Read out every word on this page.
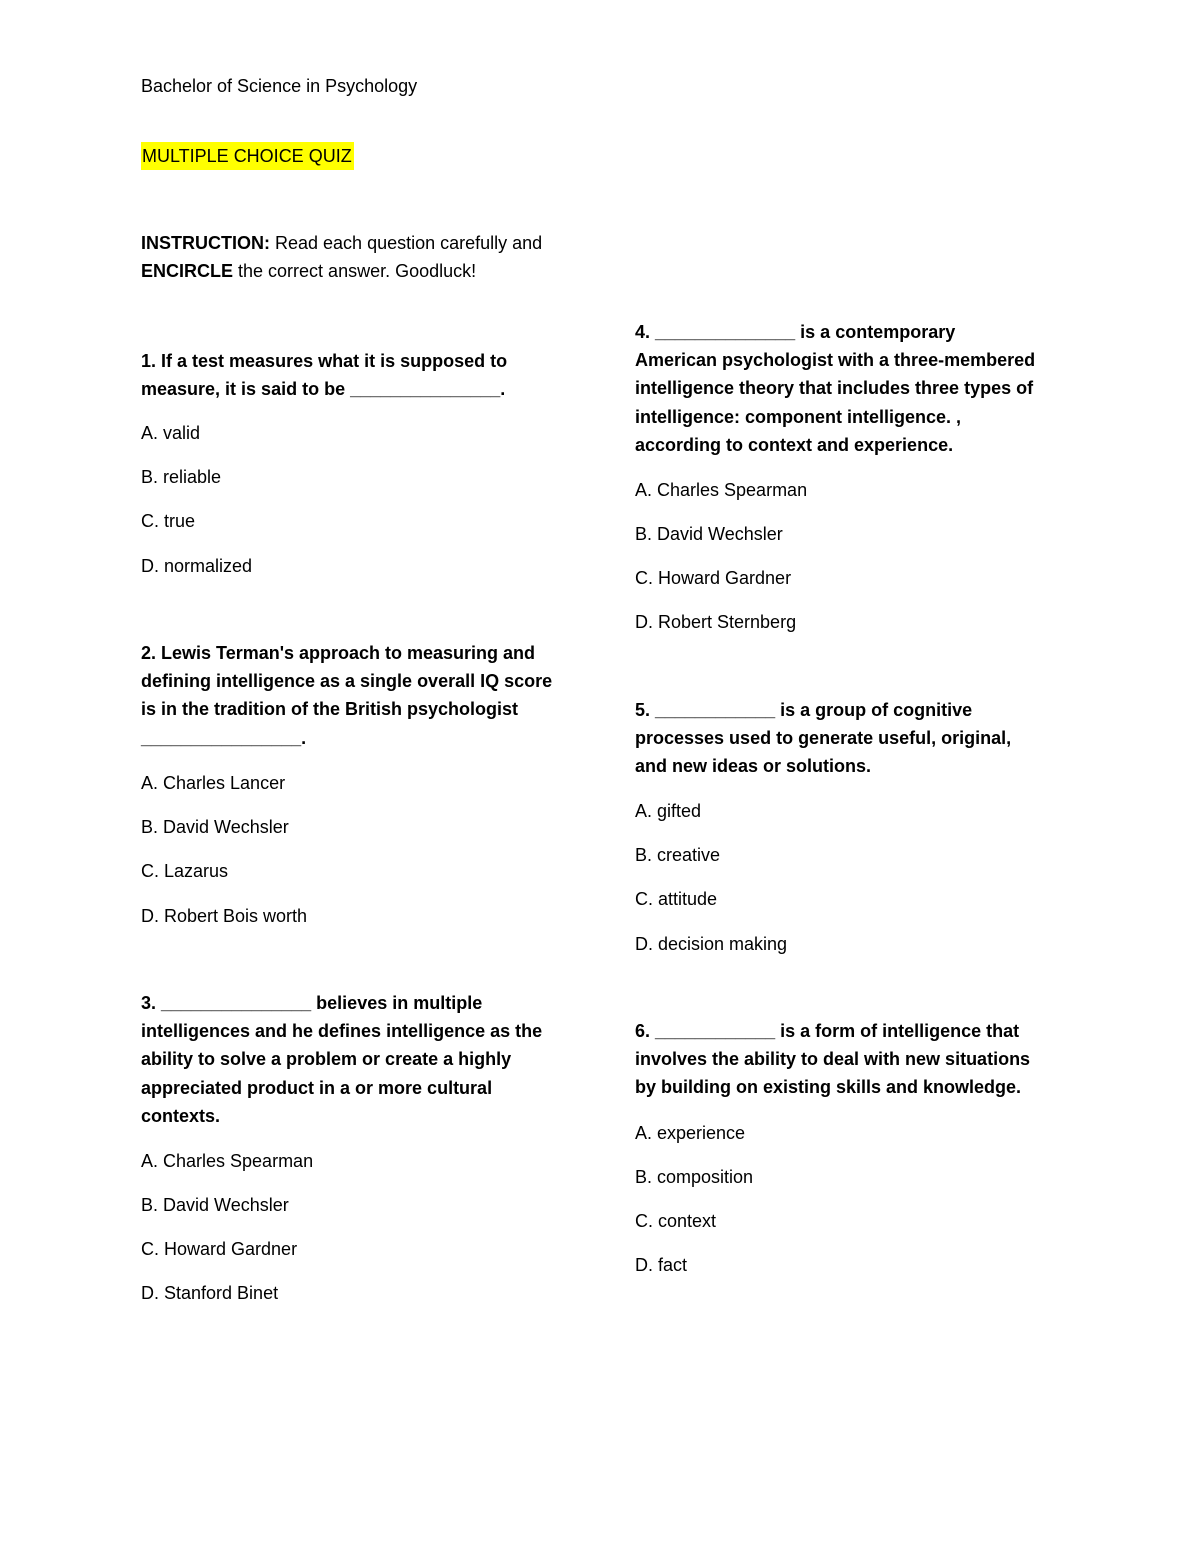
Bachelor of Science in Psychology
MULTIPLE CHOICE QUIZ
INSTRUCTION: Read each question carefully and
ENCIRCLE the correct answer. Goodluck!
1. If a test measures what it is supposed to
measure, it is said to be _______________.
A. valid
B. reliable
C. true
D. normalized
2. Lewis Terman's approach to measuring and
defining intelligence as a single overall IQ score
is in the tradition of the British psychologist
________________.
A. Charles Lancer
B. David Wechsler
C. Lazarus
D. Robert Bois worth
3. _______________ believes in multiple
intelligences and he defines intelligence as the
ability to solve a problem or create a highly
appreciated product in a or more cultural
contexts.
A. Charles Spearman
B. David Wechsler
C. Howard Gardner
D. Stanford Binet
4. ______________ is a contemporary
American psychologist with a three-membered
intelligence theory that includes three types of
intelligence: component intelligence. ,
according to context and experience.
A. Charles Spearman
B. David Wechsler
C. Howard Gardner
D. Robert Sternberg
5. ____________ is a group of cognitive
processes used to generate useful, original,
and new ideas or solutions.
A. gifted
B. creative
C. attitude
D. decision making
6. ____________ is a form of intelligence that
involves the ability to deal with new situations
by building on existing skills and knowledge.
A. experience
B. composition
C. context
D. fact
